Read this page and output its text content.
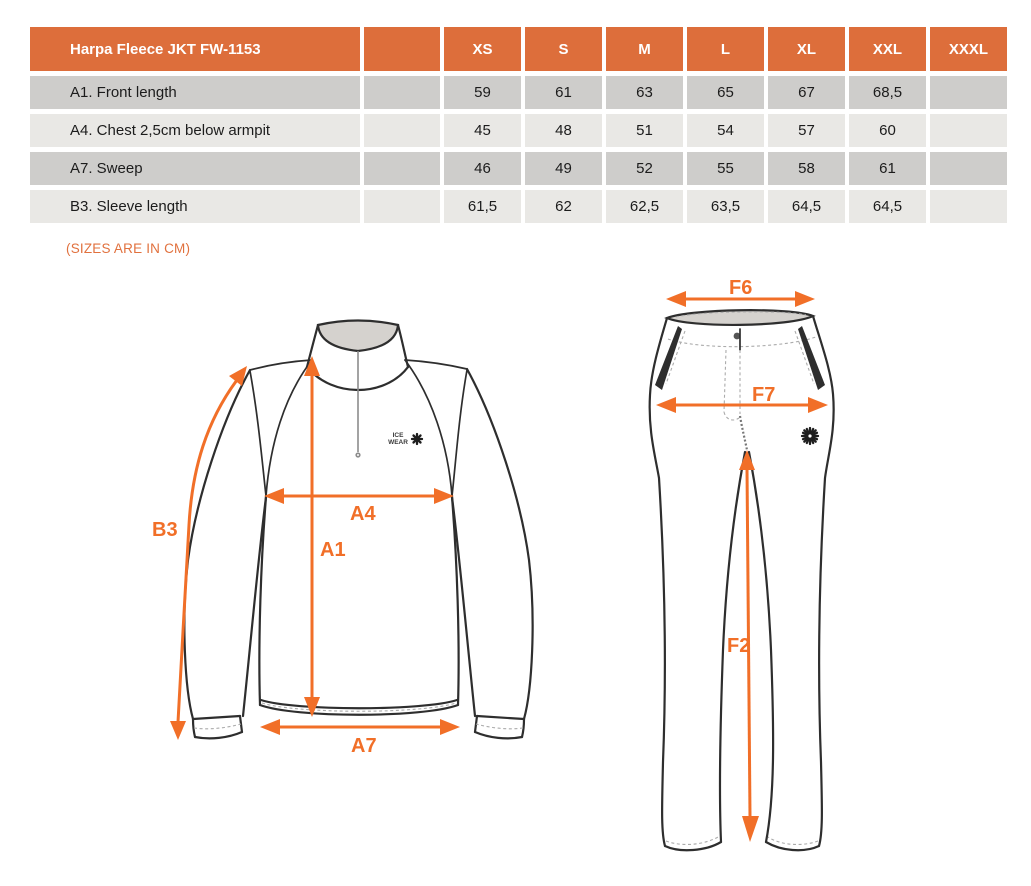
Harpa Fleece JKT FW-1153		XS	S	M	L	XL	XXL	XXXL
A1. Front length		59	61	63	65	67	68,5	
A4. Chest 2,5cm below armpit		45	48	51	54	57	60	
A7. Sweep		46	49	52	55	58	61	
B3. Sleeve length		61,5	62	62,5	63,5	64,5	64,5	
(SIZES ARE IN CM)
ICE
WEAR
A4
A1
A7
B3
F6
F7
F2
